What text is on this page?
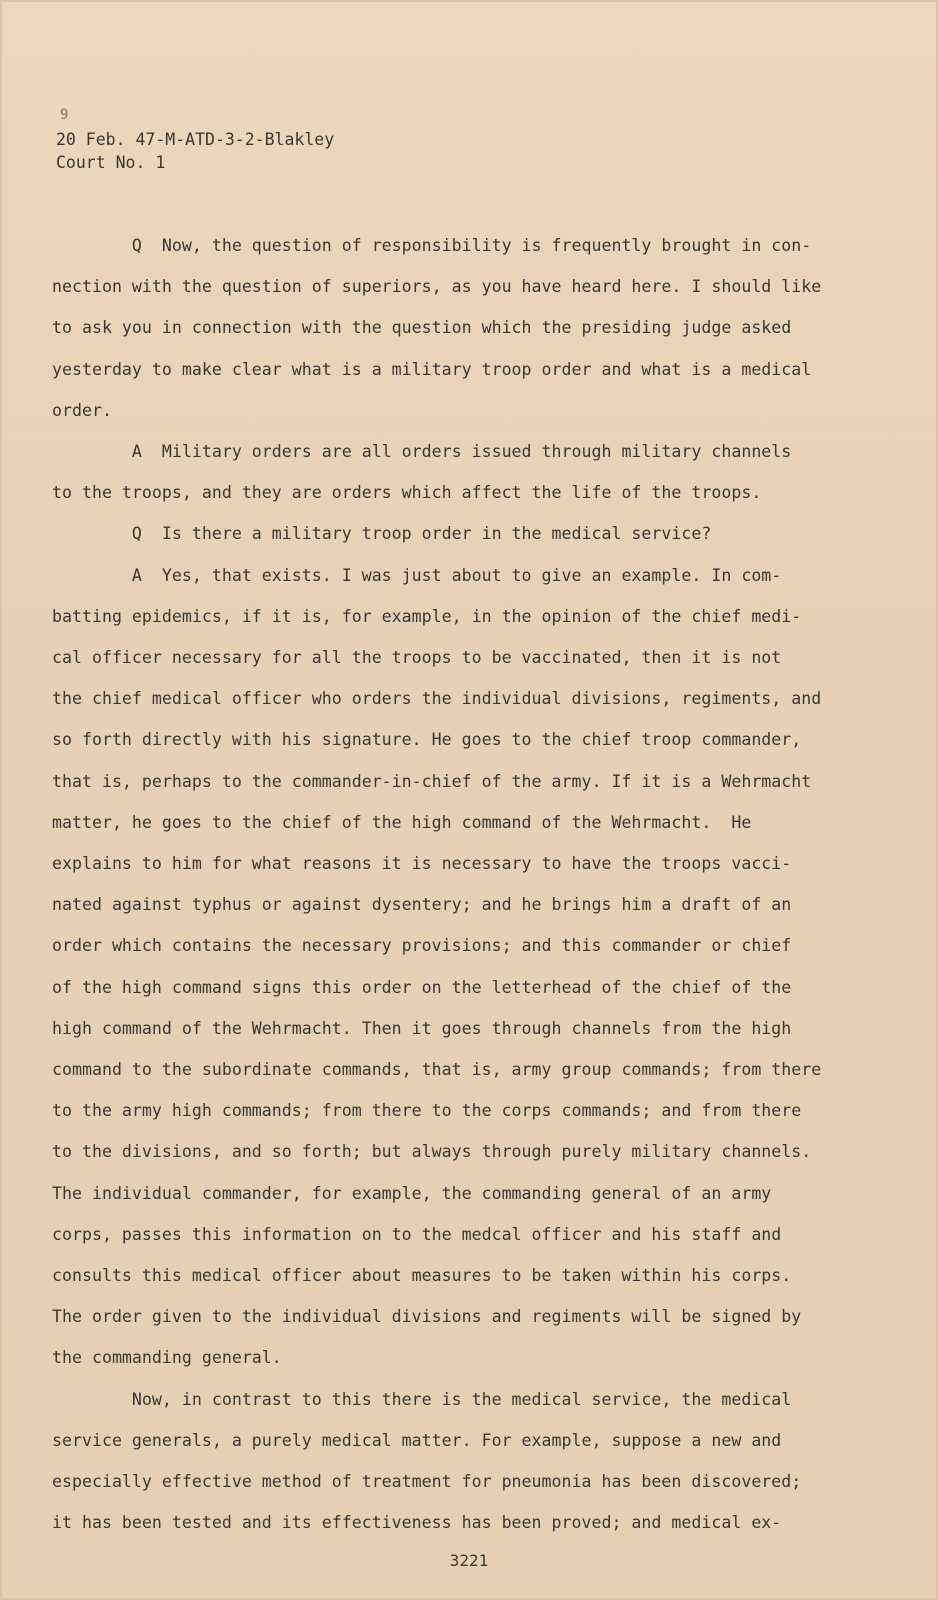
9
20 Feb. 47-M-ATD-3-2-Blakley
Court No. 1
Q  Now, the question of responsibility is frequently brought in con-
nection with the question of superiors, as you have heard here. I should like
to ask you in connection with the question which the presiding judge asked
yesterday to make clear what is a military troop order and what is a medical
order.
A  Military orders are all orders issued through military channels
to the troops, and they are orders which affect the life of the troops.
Q  Is there a military troop order in the medical service?
A  Yes, that exists. I was just about to give an example. In com-
batting epidemics, if it is, for example, in the opinion of the chief medi-
cal officer necessary for all the troops to be vaccinated, then it is not
the chief medical officer who orders the individual divisions, regiments, and
so forth directly with his signature. He goes to the chief troop commander,
that is, perhaps to the commander-in-chief of the army. If it is a Wehrmacht
matter, he goes to the chief of the high command of the Wehrmacht.  He
explains to him for what reasons it is necessary to have the troops vacci-
nated against typhus or against dysentery; and he brings him a draft of an
order which contains the necessary provisions; and this commander or chief
of the high command signs this order on the letterhead of the chief of the
high command of the Wehrmacht. Then it goes through channels from the high
command to the subordinate commands, that is, army group commands; from there
to the army high commands; from there to the corps commands; and from there
to the divisions, and so forth; but always through purely military channels.
The individual commander, for example, the commanding general of an army
corps, passes this information on to the medcal officer and his staff and
consults this medical officer about measures to be taken within his corps.
The order given to the individual divisions and regiments will be signed by
the commanding general.
Now, in contrast to this there is the medical service, the medical
service generals, a purely medical matter. For example, suppose a new and
especially effective method of treatment for pneumonia has been discovered;
it has been tested and its effectiveness has been proved; and medical ex-
3221
